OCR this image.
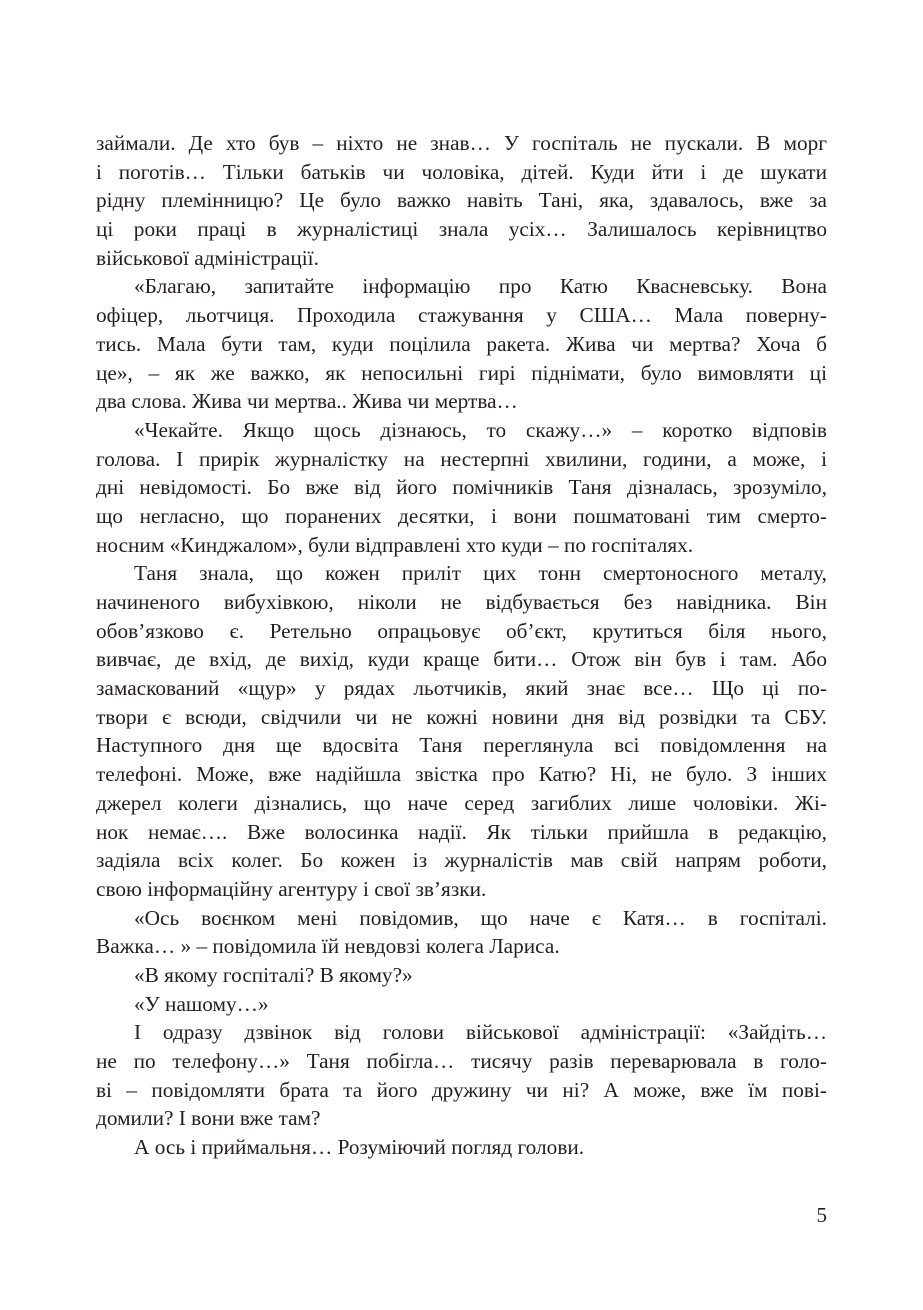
займали. Де хто був – ніхто не знав… У госпіталь не пускали. В морг
і поготів… Тільки батьків чи чоловіка, дітей. Куди йти і де шукати
рідну племінницю? Це було важко навіть Тані, яка, здавалось, вже за
ці роки праці в журналістиці знала усіх… Залишалось керівництво
військової адміністрації.
«Благаю, запитайте інформацію про Катю Квасневську. Вона
офіцер, льотчиця. Проходила стажування у США… Мала поверну-
тись. Мала бути там, куди поцілила ракета. Жива чи мертва? Хоча б
це», – як же важко, як непосильні гирі піднімати, було вимовляти ці
два слова. Жива чи мертва.. Жива чи мертва…
«Чекайте. Якщо щось дізнаюсь, то скажу…» – коротко відповів
голова. І прирік журналістку на нестерпні хвилини, години, а може, і
дні невідомості. Бо вже від його помічників Таня дізналась, зрозуміло,
що негласно, що поранених десятки, і вони пошматовані тим смерто-
носним «Кинджалом», були відправлені хто куди – по госпіталях.
Таня знала, що кожен приліт цих тонн смертоносного металу,
начиненого вибухівкою, ніколи не відбувається без навідника. Він
обов’язково є. Ретельно опрацьовує об’єкт, крутиться біля нього,
вивчає, де вхід, де вихід, куди краще бити… Отож він був і там. Або
замаскований «щур» у рядах льотчиків, який знає все… Що ці по-
твори є всюди, свідчили чи не кожні новини дня від розвідки та СБУ.
Наступного дня ще вдосвіта Таня переглянула всі повідомлення на
телефоні. Може, вже надійшла звістка про Катю? Ні, не було. З інших
джерел колеги дізнались, що наче серед загиблих лише чоловіки. Жі-
нок немає…. Вже волосинка надії. Як тільки прийшла в редакцію,
задіяла всіх колег. Бо кожен із журналістів мав свій напрям роботи,
свою інформаційну агентуру і свої зв’язки.
«Ось воєнком мені повідомив, що наче є Катя… в госпіталі.
Важка… » – повідомила їй невдовзі колега Лариса.
«В якому госпіталі? В якому?»
«У нашому…»
І одразу дзвінок від голови військової адміністрації: «Зайдіть…
не по телефону…» Таня побігла… тисячу разів переварювала в голо-
ві – повідомляти брата та його дружину чи ні? А може, вже їм пові-
домили? І вони вже там?
А ось і приймальня… Розуміючий погляд голови.
5
